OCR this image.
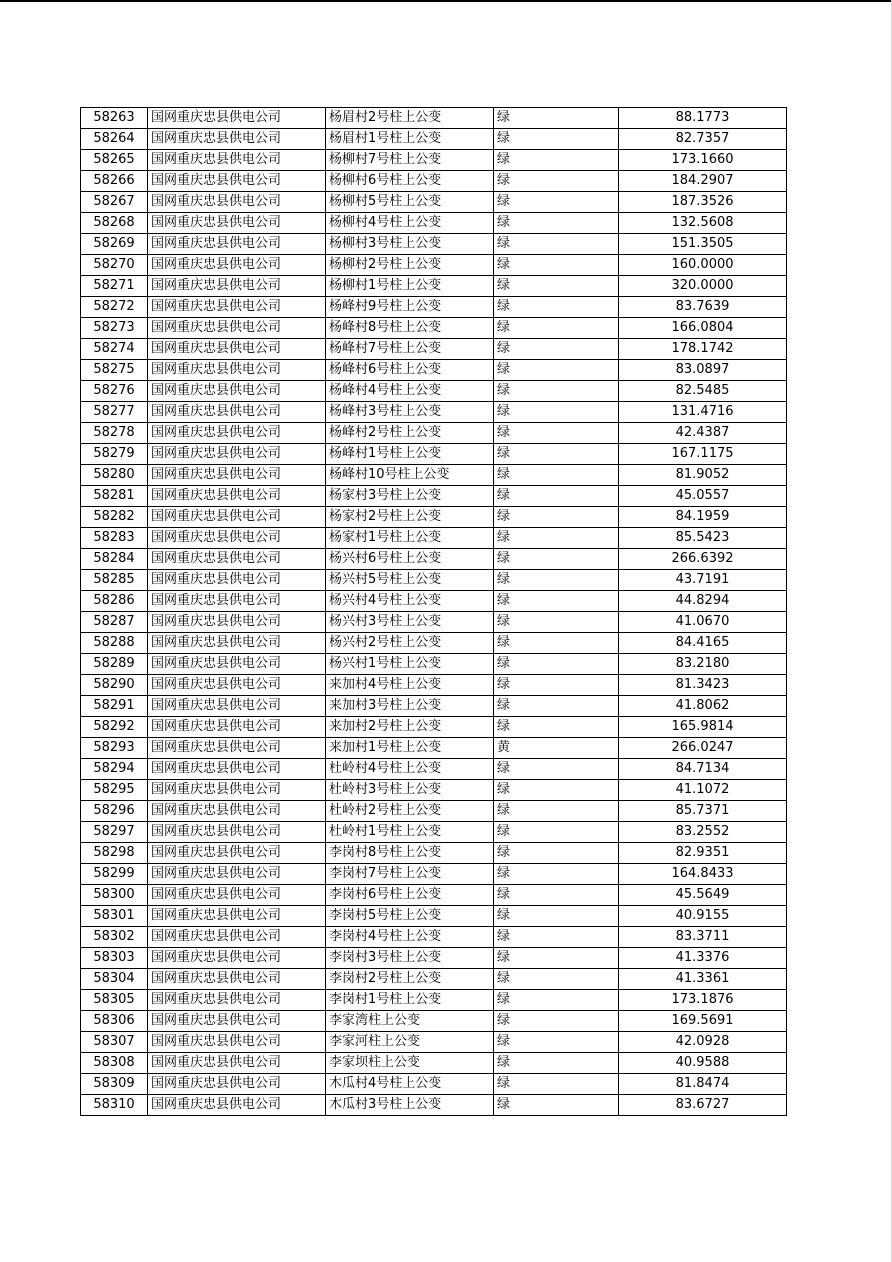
58263	国网重庆忠县供电公司	杨眉村2号柱上公变	绿	88.1773
58264	国网重庆忠县供电公司	杨眉村1号柱上公变	绿	82.7357
58265	国网重庆忠县供电公司	杨柳村7号柱上公变	绿	173.1660
58266	国网重庆忠县供电公司	杨柳村6号柱上公变	绿	184.2907
58267	国网重庆忠县供电公司	杨柳村5号柱上公变	绿	187.3526
58268	国网重庆忠县供电公司	杨柳村4号柱上公变	绿	132.5608
58269	国网重庆忠县供电公司	杨柳村3号柱上公变	绿	151.3505
58270	国网重庆忠县供电公司	杨柳村2号柱上公变	绿	160.0000
58271	国网重庆忠县供电公司	杨柳村1号柱上公变	绿	320.0000
58272	国网重庆忠县供电公司	杨峰村9号柱上公变	绿	83.7639
58273	国网重庆忠县供电公司	杨峰村8号柱上公变	绿	166.0804
58274	国网重庆忠县供电公司	杨峰村7号柱上公变	绿	178.1742
58275	国网重庆忠县供电公司	杨峰村6号柱上公变	绿	83.0897
58276	国网重庆忠县供电公司	杨峰村4号柱上公变	绿	82.5485
58277	国网重庆忠县供电公司	杨峰村3号柱上公变	绿	131.4716
58278	国网重庆忠县供电公司	杨峰村2号柱上公变	绿	42.4387
58279	国网重庆忠县供电公司	杨峰村1号柱上公变	绿	167.1175
58280	国网重庆忠县供电公司	杨峰村10号柱上公变	绿	81.9052
58281	国网重庆忠县供电公司	杨家村3号柱上公变	绿	45.0557
58282	国网重庆忠县供电公司	杨家村2号柱上公变	绿	84.1959
58283	国网重庆忠县供电公司	杨家村1号柱上公变	绿	85.5423
58284	国网重庆忠县供电公司	杨兴村6号柱上公变	绿	266.6392
58285	国网重庆忠县供电公司	杨兴村5号柱上公变	绿	43.7191
58286	国网重庆忠县供电公司	杨兴村4号柱上公变	绿	44.8294
58287	国网重庆忠县供电公司	杨兴村3号柱上公变	绿	41.0670
58288	国网重庆忠县供电公司	杨兴村2号柱上公变	绿	84.4165
58289	国网重庆忠县供电公司	杨兴村1号柱上公变	绿	83.2180
58290	国网重庆忠县供电公司	来加村4号柱上公变	绿	81.3423
58291	国网重庆忠县供电公司	来加村3号柱上公变	绿	41.8062
58292	国网重庆忠县供电公司	来加村2号柱上公变	绿	165.9814
58293	国网重庆忠县供电公司	来加村1号柱上公变	黄	266.0247
58294	国网重庆忠县供电公司	杜岭村4号柱上公变	绿	84.7134
58295	国网重庆忠县供电公司	杜岭村3号柱上公变	绿	41.1072
58296	国网重庆忠县供电公司	杜岭村2号柱上公变	绿	85.7371
58297	国网重庆忠县供电公司	杜岭村1号柱上公变	绿	83.2552
58298	国网重庆忠县供电公司	李岗村8号柱上公变	绿	82.9351
58299	国网重庆忠县供电公司	李岗村7号柱上公变	绿	164.8433
58300	国网重庆忠县供电公司	李岗村6号柱上公变	绿	45.5649
58301	国网重庆忠县供电公司	李岗村5号柱上公变	绿	40.9155
58302	国网重庆忠县供电公司	李岗村4号柱上公变	绿	83.3711
58303	国网重庆忠县供电公司	李岗村3号柱上公变	绿	41.3376
58304	国网重庆忠县供电公司	李岗村2号柱上公变	绿	41.3361
58305	国网重庆忠县供电公司	李岗村1号柱上公变	绿	173.1876
58306	国网重庆忠县供电公司	李家湾柱上公变	绿	169.5691
58307	国网重庆忠县供电公司	李家河柱上公变	绿	42.0928
58308	国网重庆忠县供电公司	李家坝柱上公变	绿	40.9588
58309	国网重庆忠县供电公司	木瓜村4号柱上公变	绿	81.8474
58310	国网重庆忠县供电公司	木瓜村3号柱上公变	绿	83.6727
